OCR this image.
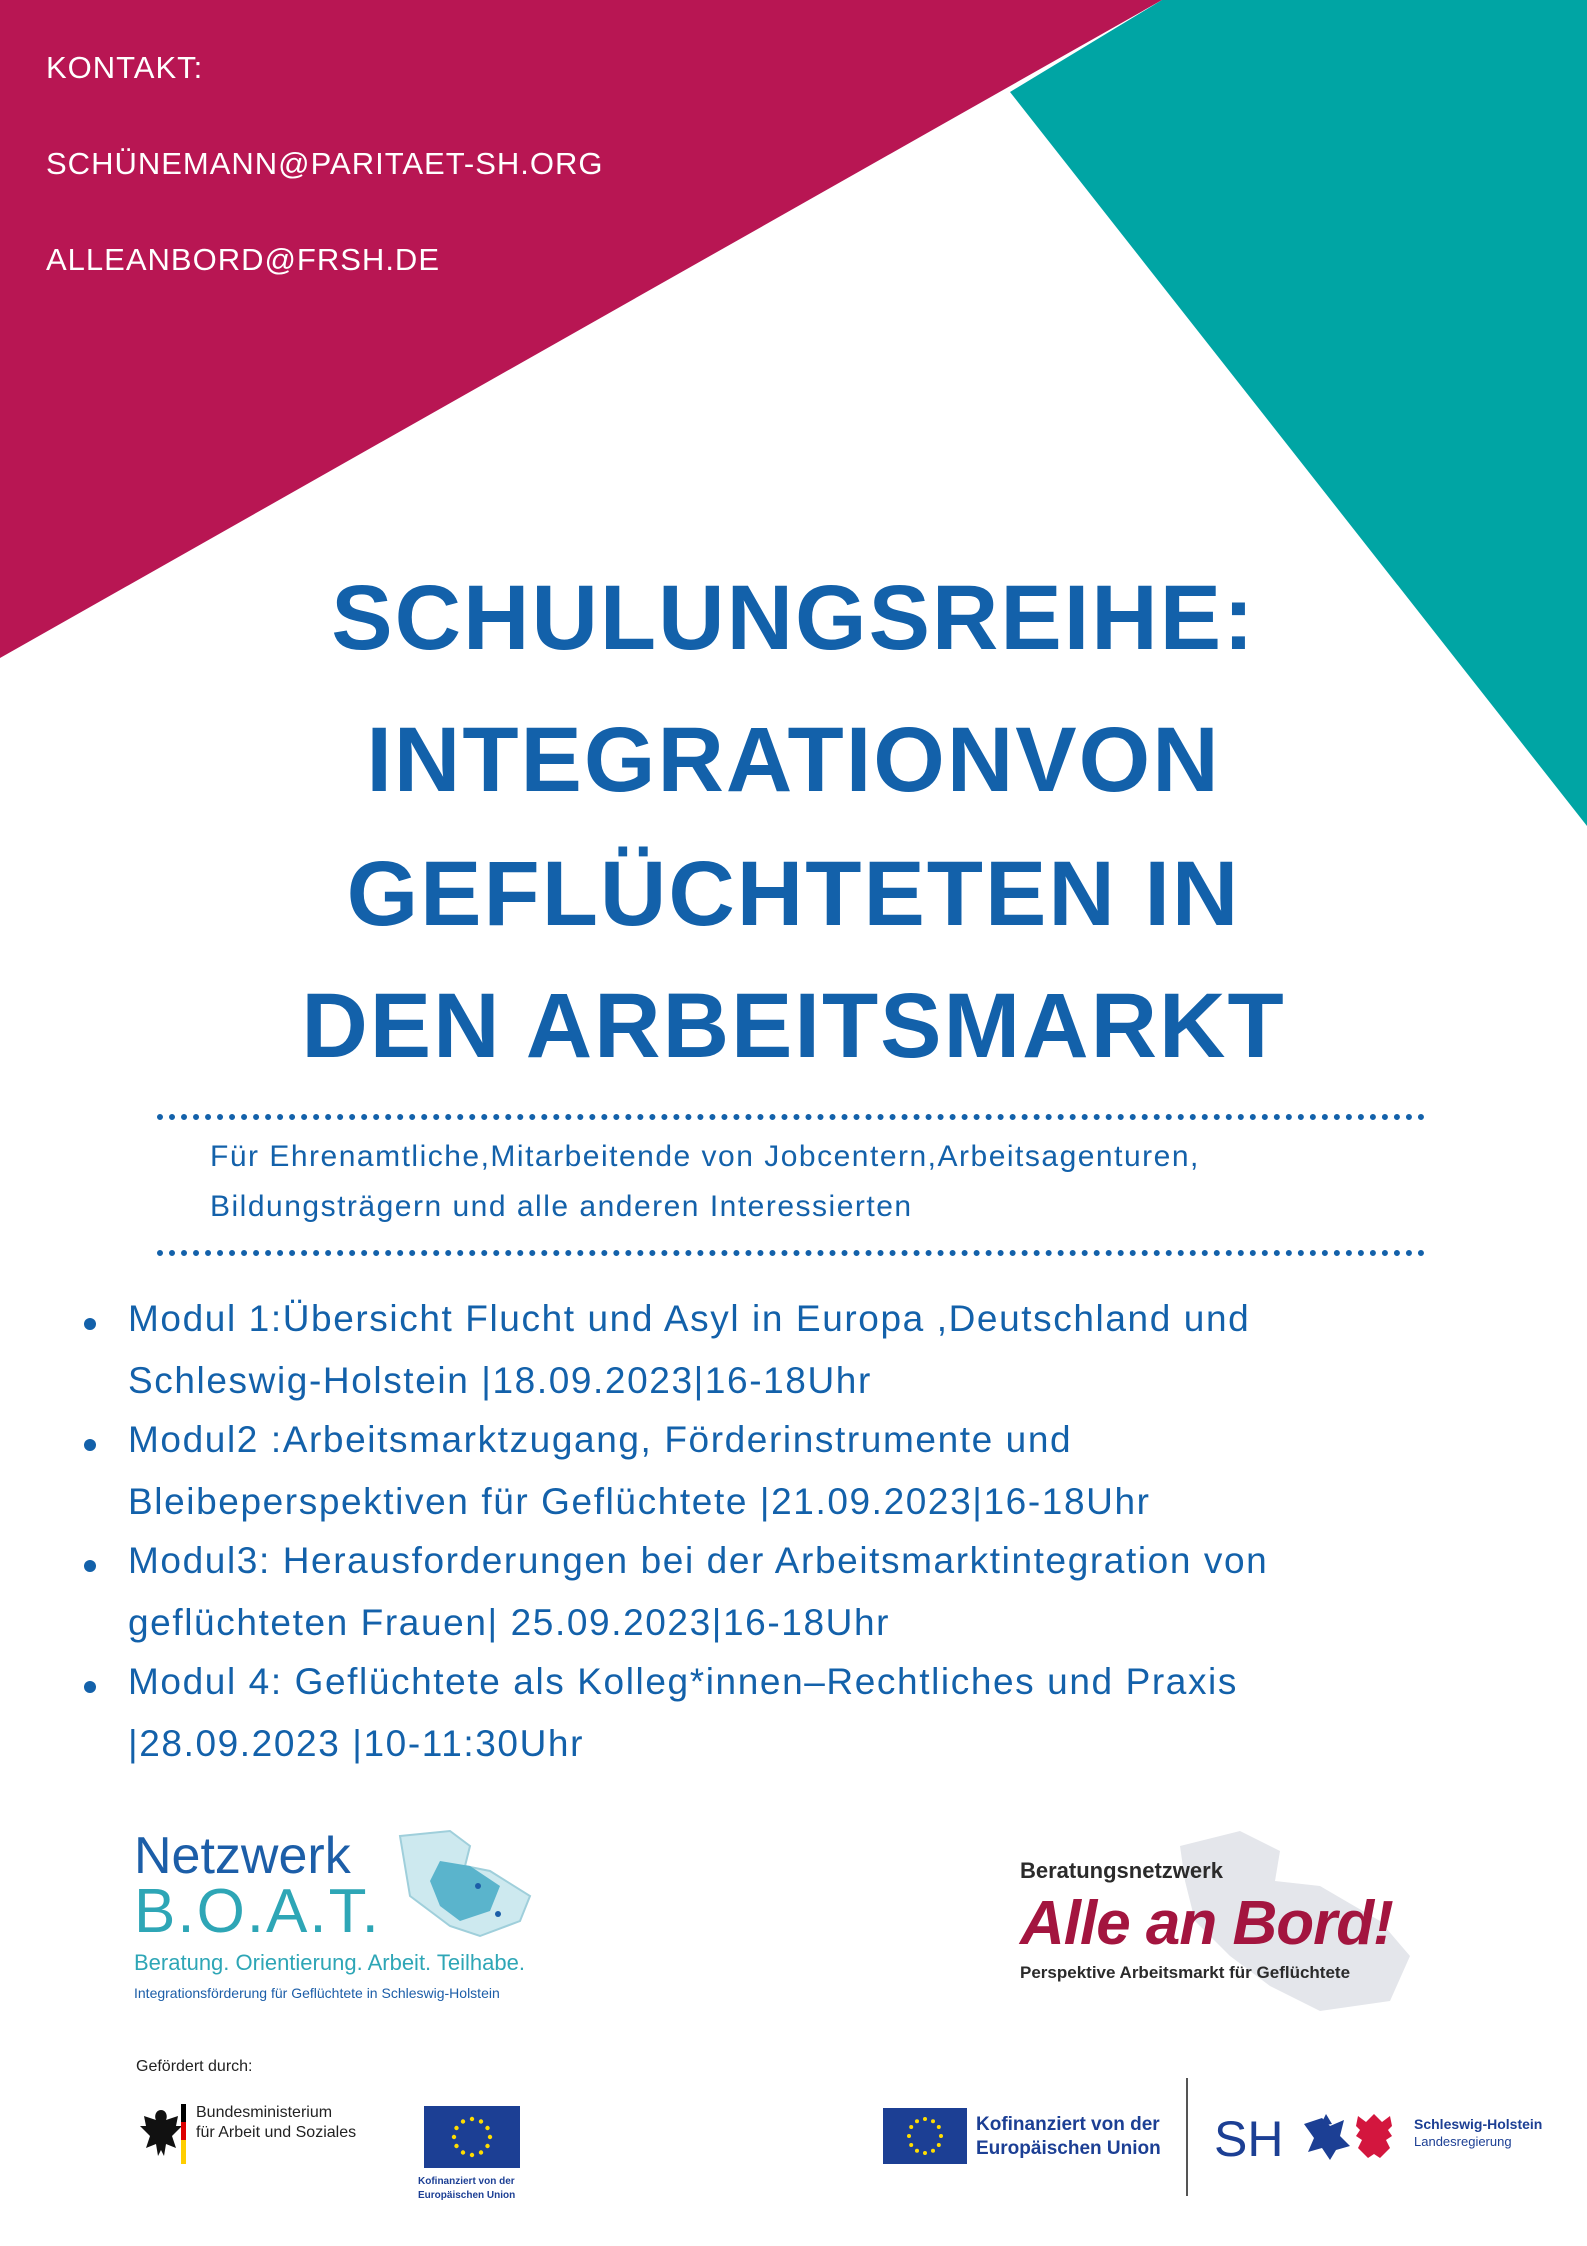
KONTAKT:
SCHÜNEMANN@PARITAET-SH.ORG
ALLEANBORD@FRSH.DE
SCHULUNGSREIHE:
INTEGRATIONVON
GEFLÜCHTETEN IN
DEN ARBEITSMARKT
Für Ehrenamtliche,Mitarbeitende von Jobcentern,Arbeitsagenturen,
Bildungsträgern und alle anderen Interessierten
Modul 1:Übersicht Flucht und Asyl in Europa ,Deutschland und
Schleswig-Holstein |18.09.2023|16-18Uhr
Modul2 :Arbeitsmarktzugang, Förderinstrumente und
Bleibeperspektiven für Geflüchtete |21.09.2023|16-18Uhr
Modul3: Herausforderungen bei der Arbeitsmarktintegration von
geflüchteten Frauen| 25.09.2023|16-18Uhr
Modul 4: Geflüchtete als Kolleg*innen–Rechtliches und Praxis
|28.09.2023 |10-11:30Uhr
Netzwerk
B.O.A.T.
Beratung. Orientierung. Arbeit. Teilhabe.
Integrationsförderung für Geflüchtete in Schleswig-Holstein
Beratungsnetzwerk
Alle an Bord!
Perspektive Arbeitsmarkt für Geflüchtete
Gefördert durch:
Bundesministerium
für Arbeit und Soziales
Kofinanziert von der
Europäischen Union
Kofinanziert von der
Europäischen Union SH	Schleswig-Holstein
Landesregierung
